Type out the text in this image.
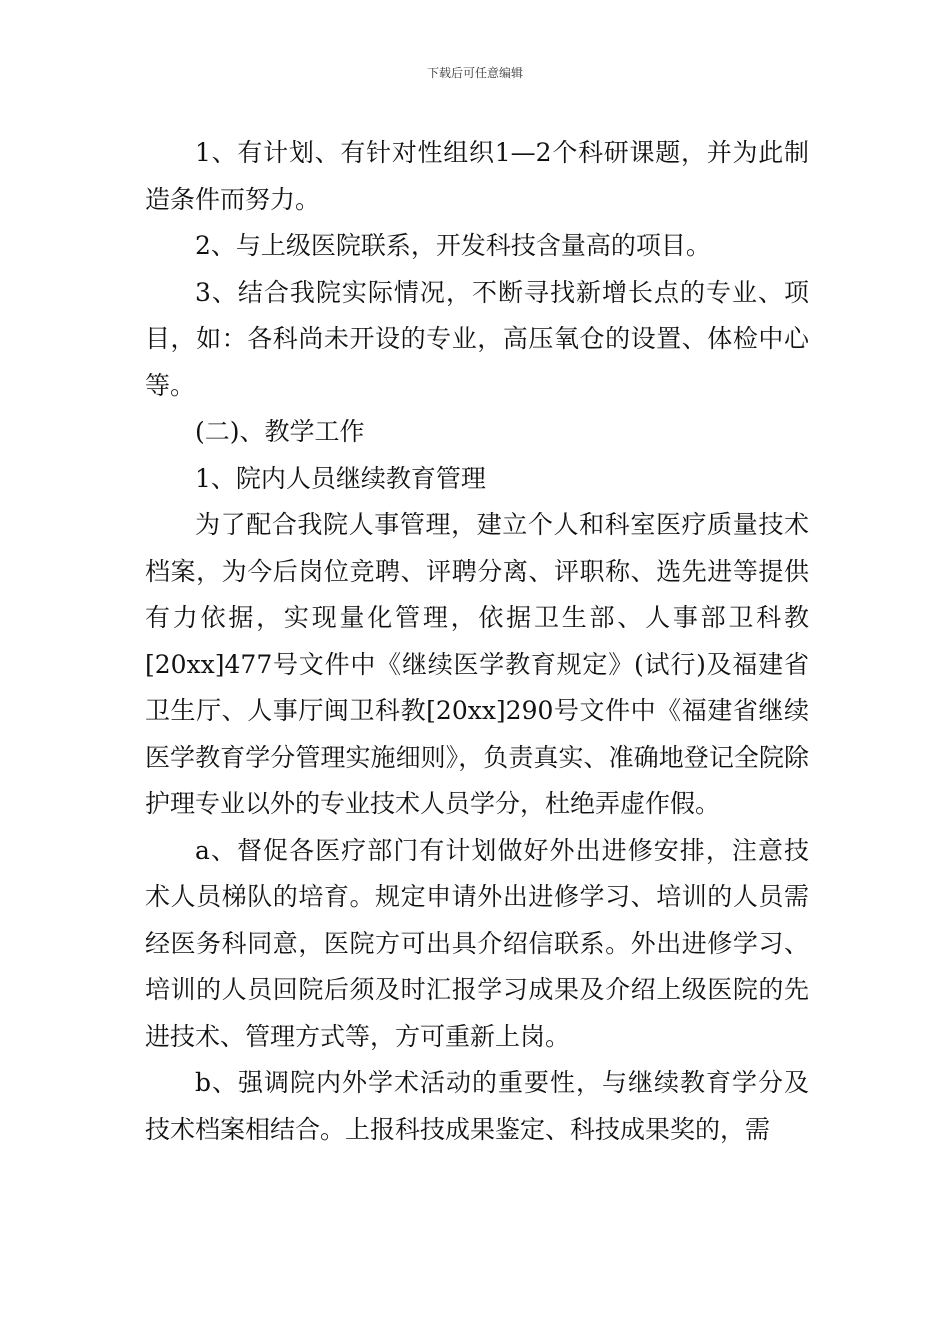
下载后可任意编辑

1、有计划、有针对性组织1—2个科研课题，并为此制造条件而努力。

2、与上级医院联系，开发科技含量高的项目。

3、结合我院实际情况，不断寻找新增长点的专业、项目，如：各科尚未开设的专业，高压氧仓的设置、体检中心等。

(二)、教学工作

1、院内人员继续教育管理

为了配合我院人事管理，建立个人和科室医疗质量技术档案，为今后岗位竞聘、评聘分离、评职称、选先进等提供有力依据，实现量化管理，依据卫生部、人事部卫科教[20xx]477号文件中《继续医学教育规定》(试行)及福建省卫生厅、人事厅闽卫科教[20xx]290号文件中《福建省继续医学教育学分管理实施细则》，负责真实、准确地登记全院除护理专业以外的专业技术人员学分，杜绝弄虚作假。

a、督促各医疗部门有计划做好外出进修安排，注意技术人员梯队的培育。规定申请外出进修学习、培训的人员需经医务科同意，医院方可出具介绍信联系。外出进修学习、培训的人员回院后须及时汇报学习成果及介绍上级医院的先进技术、管理方式等，方可重新上岗。

b、强调院内外学术活动的重要性，与继续教育学分及技术档案相结合。上报科技成果鉴定、科技成果奖的，需
